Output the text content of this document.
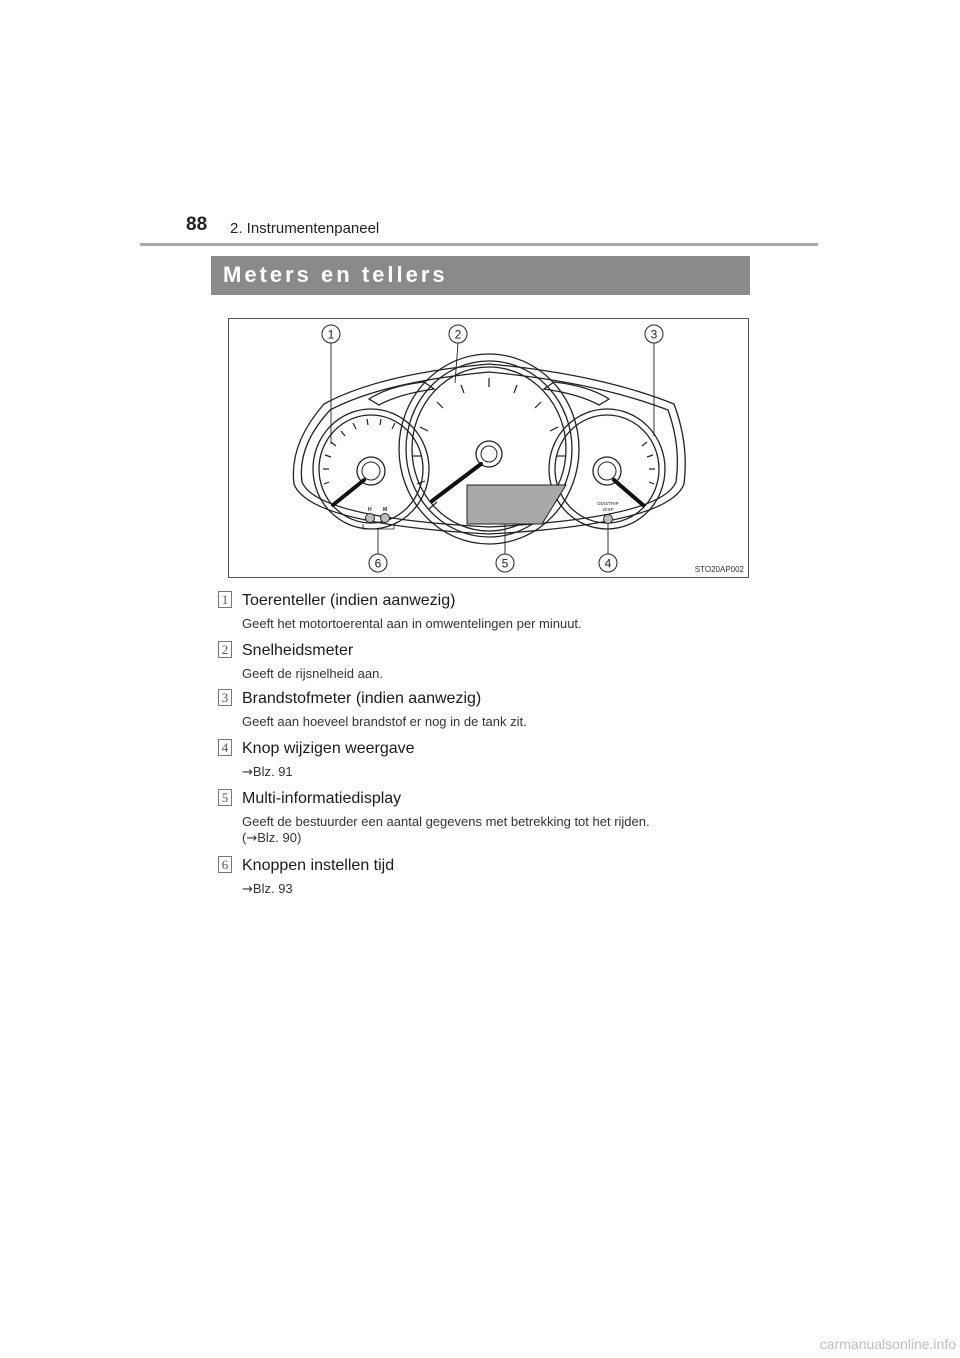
88 2. Instrumentenpaneel
Meters en tellers
H M
ODO/TRIP
DISP
1	2	3
4
5
6	STO20AP002
1 Toerenteller (indien aanwezig)
Geeft het motortoerental aan in omwentelingen per minuut.
2 Snelheidsmeter
Geeft de rijsnelheid aan.
3 Brandstofmeter (indien aanwezig)
Geeft aan hoeveel brandstof er nog in de tank zit.
4 Knop wijzigen weergave
→Blz. 91
5 Multi-informatiedisplay
Geeft de bestuurder een aantal gegevens met betrekking tot het rijden.
(→Blz. 90)
6 Knoppen instellen tijd
→Blz. 93
carmanualsonline.info
